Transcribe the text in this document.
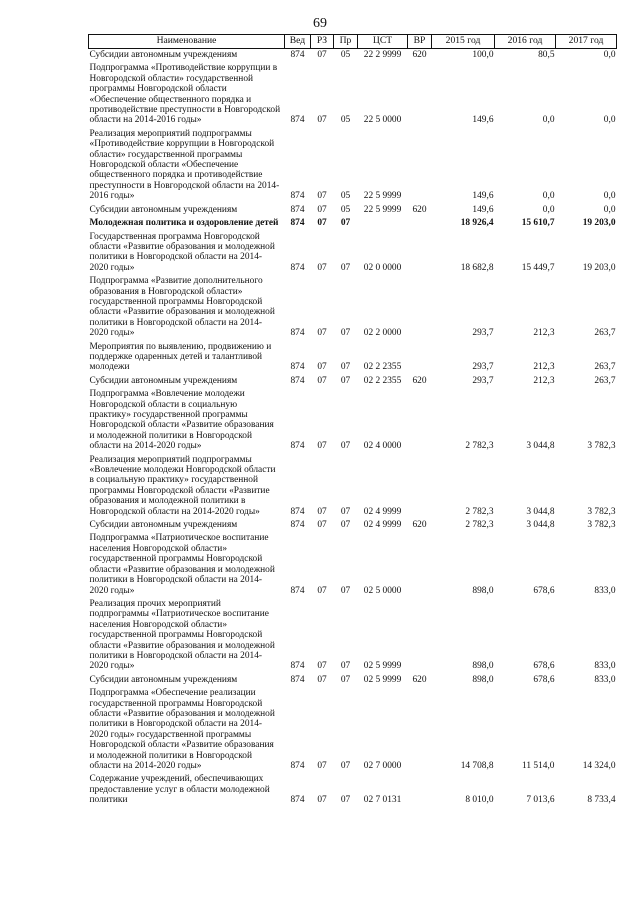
69
Наименование	Вед	РЗ	Пр	ЦСТ	ВР	2015 год	2016 год	2017 год
Субсидии автономным учреждениям	874	07	05	22 2 9999	620	100,0	80,5	0,0
Подпрограмма «Противодействие коррупции в Новгородской области» государственной программы Новгородской области «Обеспечение общественного порядка и противодействие преступности в Новгородской области на 2014-2016 годы»	874	07	05	22 5 0000		149,6	0,0	0,0
Реализация мероприятий подпрограммы «Противодействие коррупции в Новгородской области» государственной программы Новгородской области «Обеспечение общественного порядка и противодействие преступности в Новгородской области на 2014-2016 годы»	874	07	05	22 5 9999		149,6	0,0	0,0
Субсидии автономным учреждениям	874	07	05	22 5 9999	620	149,6	0,0	0,0
Молодежная политика и оздоровление детей	874	07	07			18 926,4	15 610,7	19 203,0
Государственная программа Новгородской области «Развитие образования и молодежной политики в Новгородской области на 2014-2020 годы»	874	07	07	02 0 0000		18 682,8	15 449,7	19 203,0
Подпрограмма «Развитие дополнительного образования в Новгородской области» государственной программы Новгородской области «Развитие образования и молодежной политики в Новгородской области на 2014-2020 годы»	874	07	07	02 2 0000		293,7	212,3	263,7
Мероприятия по выявлению, продвижению и поддержке одаренных детей и талантливой молодежи	874	07	07	02 2 2355		293,7	212,3	263,7
Субсидии автономным учреждениям	874	07	07	02 2 2355	620	293,7	212,3	263,7
Подпрограмма «Вовлечение молодежи Новгородской области в социальную практику» государственной программы Новгородской области «Развитие образования и молодежной политики в Новгородской области на 2014-2020 годы»	874	07	07	02 4 0000		2 782,3	3 044,8	3 782,3
Реализация мероприятий подпрограммы «Вовлечение молодежи Новгородской области в социальную практику» государственной программы Новгородской области «Развитие образования и молодежной политики в Новгородской области на 2014-2020 годы»	874	07	07	02 4 9999		2 782,3	3 044,8	3 782,3
Субсидии автономным учреждениям	874	07	07	02 4 9999	620	2 782,3	3 044,8	3 782,3
Подпрограмма «Патриотическое воспитание населения Новгородской области» государственной программы Новгородской области «Развитие образования и молодежной политики в Новгородской области на 2014-2020 годы»	874	07	07	02 5 0000		898,0	678,6	833,0
Реализация прочих мероприятий подпрограммы «Патриотическое воспитание населения Новгородской области» государственной программы Новгородской области «Развитие образования и молодежной политики в Новгородской области на 2014-2020 годы»	874	07	07	02 5 9999		898,0	678,6	833,0
Субсидии автономным учреждениям	874	07	07	02 5 9999	620	898,0	678,6	833,0
Подпрограмма «Обеспечение реализации государственной программы Новгородской области «Развитие образования и молодежной политики в Новгородской области на 2014-2020 годы» государственной программы Новгородской области «Развитие образования и молодежной политики в Новгородской области на 2014-2020 годы»	874	07	07	02 7 0000		14 708,8	11 514,0	14 324,0
Содержание учреждений, обеспечивающих предоставление услуг в области молодежной политики	874	07	07	02 7 0131		8 010,0	7 013,6	8 733,4
